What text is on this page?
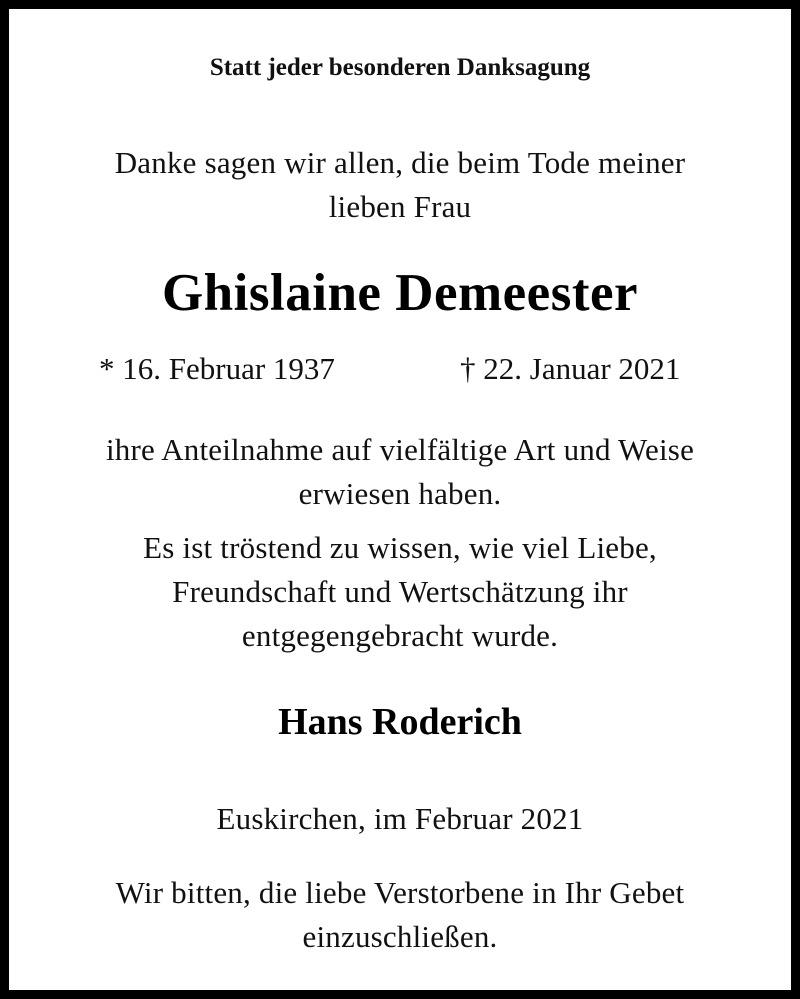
Statt jeder besonderen Danksagung
Danke sagen wir allen, die beim Tode meiner
lieben Frau
Ghislaine Demeester
* 16. Februar 1937	† 22. Januar 2021
ihre Anteilnahme auf vielfältige Art und Weise
erwiesen haben.
Es ist tröstend zu wissen, wie viel Liebe,
Freundschaft und Wertschätzung ihr
entgegengebracht wurde.
Hans Roderich
Euskirchen, im Februar 2021
Wir bitten, die liebe Verstorbene in Ihr Gebet
einzuschließen.
